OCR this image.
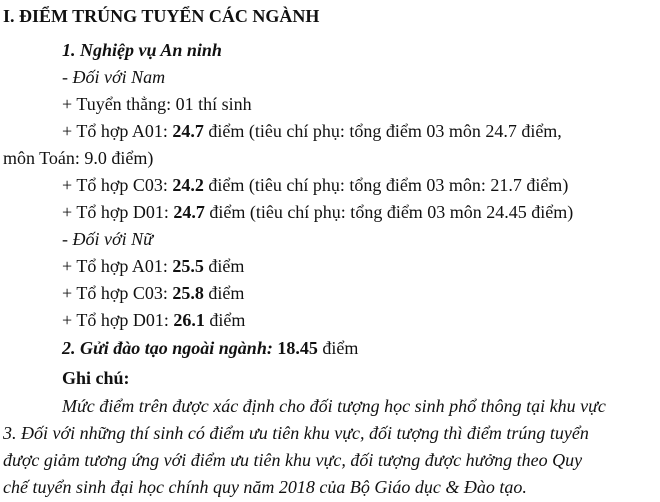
I. ĐIỂM TRÚNG TUYỂN CÁC NGÀNH
1. Nghiệp vụ An ninh
- Đối với Nam
+ Tuyển thẳng: 01 thí sinh
+ Tổ hợp A01: 24.7 điểm (tiêu chí phụ: tổng điểm 03 môn 24.7 điểm,
môn Toán: 9.0 điểm)
+ Tổ hợp C03: 24.2 điểm (tiêu chí phụ: tổng điểm 03 môn: 21.7 điểm)
+ Tổ hợp D01: 24.7 điểm (tiêu chí phụ: tổng điểm 03 môn 24.45 điểm)
- Đối với Nữ
+ Tổ hợp A01: 25.5 điểm
+ Tổ hợp C03: 25.8 điểm
+ Tổ hợp D01: 26.1 điểm
2. Gửi đào tạo ngoài ngành: 18.45 điểm
Ghi chú:
Mức điểm trên được xác định cho đối tượng học sinh phổ thông tại khu vực
3. Đối với những thí sinh có điểm ưu tiên khu vực, đối tượng thì điểm trúng tuyển
được giảm tương ứng với điểm ưu tiên khu vực, đối tượng được hưởng theo Quy
chế tuyển sinh đại học chính quy năm 2018 của Bộ Giáo dục & Đào tạo.
